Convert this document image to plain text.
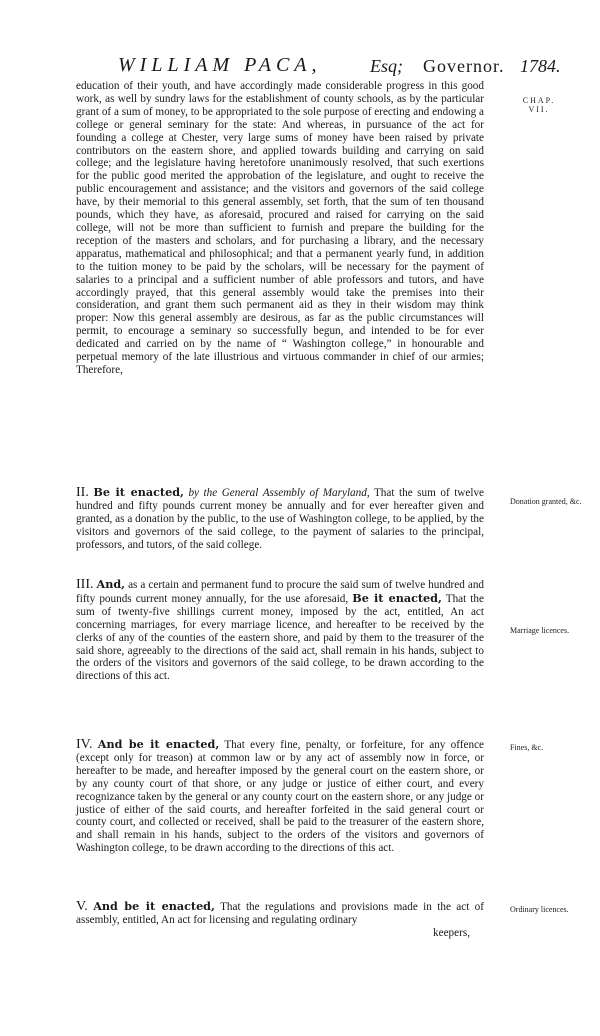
WILLIAM PACA,	Esq; Governor. 1784.
CHAP.
VII.
education of their youth, and have accordingly made considerable progress in this good work, as well by sundry laws for the establishment of county schools, as by the particular grant of a sum of money, to be appropriated to the sole purpose of erecting and endowing a college or general seminary for the state: And whereas, in pursuance of the act for founding a college at Chester, very large sums of money have been raised by private contributors on the eastern shore, and applied towards building and carrying on said college; and the legislature having heretofore unanimously resolved, that such exertions for the public good merited the approbation of the legislature, and ought to receive the public encouragement and assistance; and the visitors and governors of the said college have, by their memorial to this general assembly, set forth, that the sum of ten thousand pounds, which they have, as aforesaid, procured and raised for carrying on the said college, will not be more than sufficient to furnish and prepare the building for the reception of the masters and scholars, and for purchasing a library, and the necessary apparatus, mathematical and philosophical; and that a permanent yearly fund, in addition to the tuition money to be paid by the scholars, will be necessary for the payment of salaries to a principal and a sufficient number of able professors and tutors, and have accordingly prayed, that this general assembly would take the premises into their consideration, and grant them such permanent aid as they in their wisdom may think proper: Now this general assembly are desirous, as far as the public circumstances will permit, to encourage a seminary so successfully begun, and intended to be for ever dedicated and carried on by the name of “ Washington college,” in honourable and perpetual memory of the late illustrious and virtuous commander in chief of our armies; Therefore,
Donation granted, &c.
II. Be it enacted, by the General Assembly of Maryland, That the sum of twelve hundred and fifty pounds current money be annually and for ever hereafter given and granted, as a donation by the public, to the use of Washington college, to be applied, by the visitors and governors of the said college, to the payment of salaries to the principal, professors, and tutors, of the said college.
Marriage licences.
III. And, as a certain and permanent fund to procure the said sum of twelve hundred and fifty pounds current money annually, for the use aforesaid, Be it enacted, That the sum of twenty-five shillings current money, imposed by the act, entitled, An act concerning marriages, for every marriage licence, and hereafter to be received by the clerks of any of the counties of the eastern shore, and paid by them to the treasurer of the said shore, agreeably to the directions of the said act, shall remain in his hands, subject to the orders of the visitors and governors of the said college, to be drawn according to the directions of this act.
Fines, &c.
IV. And be it enacted, That every fine, penalty, or forfeiture, for any offence (except only for treason) at common law or by any act of assembly now in force, or hereafter to be made, and hereafter imposed by the general court on the eastern shore, or by any county court of that shore, or any judge or justice of either court, and every recognizance taken by the general or any county court on the eastern shore, or any judge or justice of either of the said courts, and hereafter forfeited in the said general court or county court, and collected or received, shall be paid to the treasurer of the eastern shore, and shall remain in his hands, subject to the orders of the visitors and governors of Washington college, to be drawn according to the directions of this act.
Ordinary licences.
V. And be it enacted, That the regulations and provisions made in the act of assembly, entitled, An act for licensing and regulating ordinary
keepers,
